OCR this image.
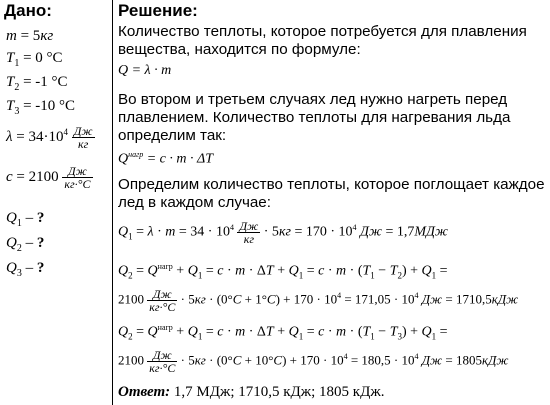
Дано:
m = 5кг
$T_1 = 0$ °C
$T_2 = -1$ °C
$T_3 = -10$ °C
$\lambda = 34\cdot 10^4 \frac{Дж}{кг}$
$c = 2100 \frac{Дж}{кг\cdot^\circ C}$
$Q_1$ – ?
$Q_2$ – ?
$Q_3$ – ?
Решение:
Количество теплоты, которое потребуется для плавления
вещества, находится по формуле:
Q = λ · m
Во втором и третьем случаях лед нужно нагреть перед
плавлением. Количество теплоты для нагревания льда
определим так:
$Q^{нагр} = c \cdot m \cdot \Delta T$
Определим количество теплоты, которое поглощает каждое
лед в каждом случае:
$Q_1 = \lambda \cdot m = 34 \cdot 10^4 \frac{Дж}{кг} \cdot 5кг = 170 \cdot 10^4$ Дж = 1,7МДж
$Q_2 = Q^{нагр} + Q_1 = c \cdot m \cdot \Delta T + Q_1 = c \cdot m \cdot (T_1 - T_2) + Q_1$ =
$2100 \frac{Дж}{кг\cdot^\circ C} \cdot 5кг \cdot (0^\circ C + 1^\circ C) + 170 \cdot 10^4 = 171,05 \cdot 10^4$ Дж = 1710,5кДж
$Q_2 = Q^{нагр} + Q_1 = c \cdot m \cdot \Delta T + Q_1 = c \cdot m \cdot (T_1 - T_3) + Q_1$ =
$2100 \frac{Дж}{кг\cdot^\circ C} \cdot 5кг \cdot (0^\circ C + 10^\circ C) + 170 \cdot 10^4 = 180,5 \cdot 10^4$ Дж = 1805кДж
Ответ: 1,7 МДж; 1710,5 кДж; 1805 кДж.
